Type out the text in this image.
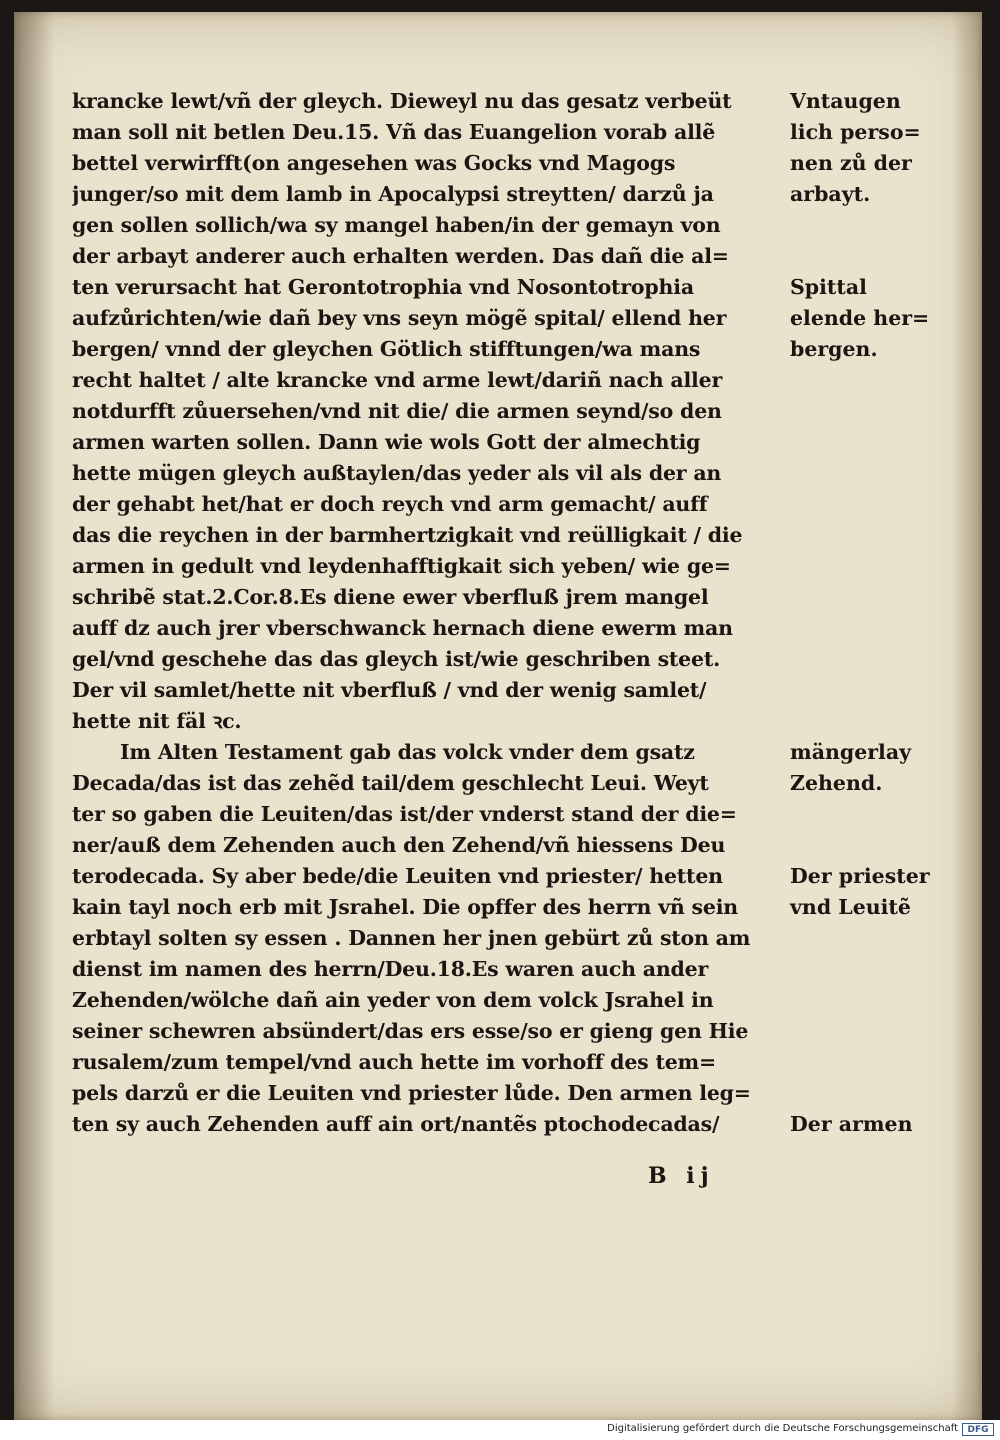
krancke lewt/vñ der gleych. Dieweyl nu das gesatz verbeüt
man soll nit betlen Deu.15. Vñ das Euangelion vorab allẽ
bettel verwirfft(on angesehen was Gocks vnd Magogs
junger/so mit dem lamb in Apocalypsi streytten/ darzů ja
gen sollen sollich/wa sy mangel haben/in der gemayn von
der arbayt anderer auch erhalten werden. Das dañ die al=
ten verursacht hat Gerontotrophia vnd Nosontotrophia
aufzůrichten/wie dañ bey vns seyn mögẽ spital/ ellend her
bergen/ vnnd der gleychen Götlich stifftungen/wa mans
recht haltet / alte krancke vnd arme lewt/dariñ nach aller
notdurfft zůuersehen/vnd nit die/ die armen seynd/so den
armen warten sollen. Dann wie wols Gott der almechtig
hette mügen gleych außtaylen/das yeder als vil als der an
der gehabt het/hat er doch reych vnd arm gemacht/ auff
das die reychen in der barmhertzigkait vnd reülligkait / die
armen in gedult vnd leydenhafftigkait sich yeben/ wie ge=
schribẽ stat.2.Cor.8.Es diene ewer vberfluß jrem mangel
auff dz auch jrer vberschwanck hernach diene ewerm man
gel/vnd geschehe das das gleych ist/wie geschriben steet.
Der vil samlet/hette nit vberfluß / vnd der wenig samlet/
hette nit fäl ꝛc.
Im Alten Testament gab das volck vnder dem gsatz
Decada/das ist das zehẽd tail/dem geschlecht Leui. Weyt
ter so gaben die Leuiten/das ist/der vnderst stand der die=
ner/auß dem Zehenden auch den Zehend/vñ hiessens Deu
terodecada. Sy aber bede/die Leuiten vnd priester/ hetten
kain tayl noch erb mit Jsrahel. Die opffer des herrn vñ sein
erbtayl solten sy essen . Dannen her jnen gebürt zů ston am
dienst im namen des herrn/Deu.18.Es waren auch ander
Zehenden/wölche dañ ain yeder von dem volck Jsrahel in
seiner schewren absündert/das ers esse/so er gieng gen Hie
rusalem/zum tempel/vnd auch hette im vorhoff des tem=
pels darzů er die Leuiten vnd priester lůde. Den armen leg=
ten sy auch Zehenden auff ain ort/nantẽs ptochodecadas/
Vntaugen
lich perso=
nen zů der
arbayt.
Spittal
elende her=
bergen.
mängerlay
Zehend.
Der priester
vnd Leuitẽ
Der armen
B ij
Digitalisierung gefördert durch die Deutsche Forschungsgemeinschaft	DFG
